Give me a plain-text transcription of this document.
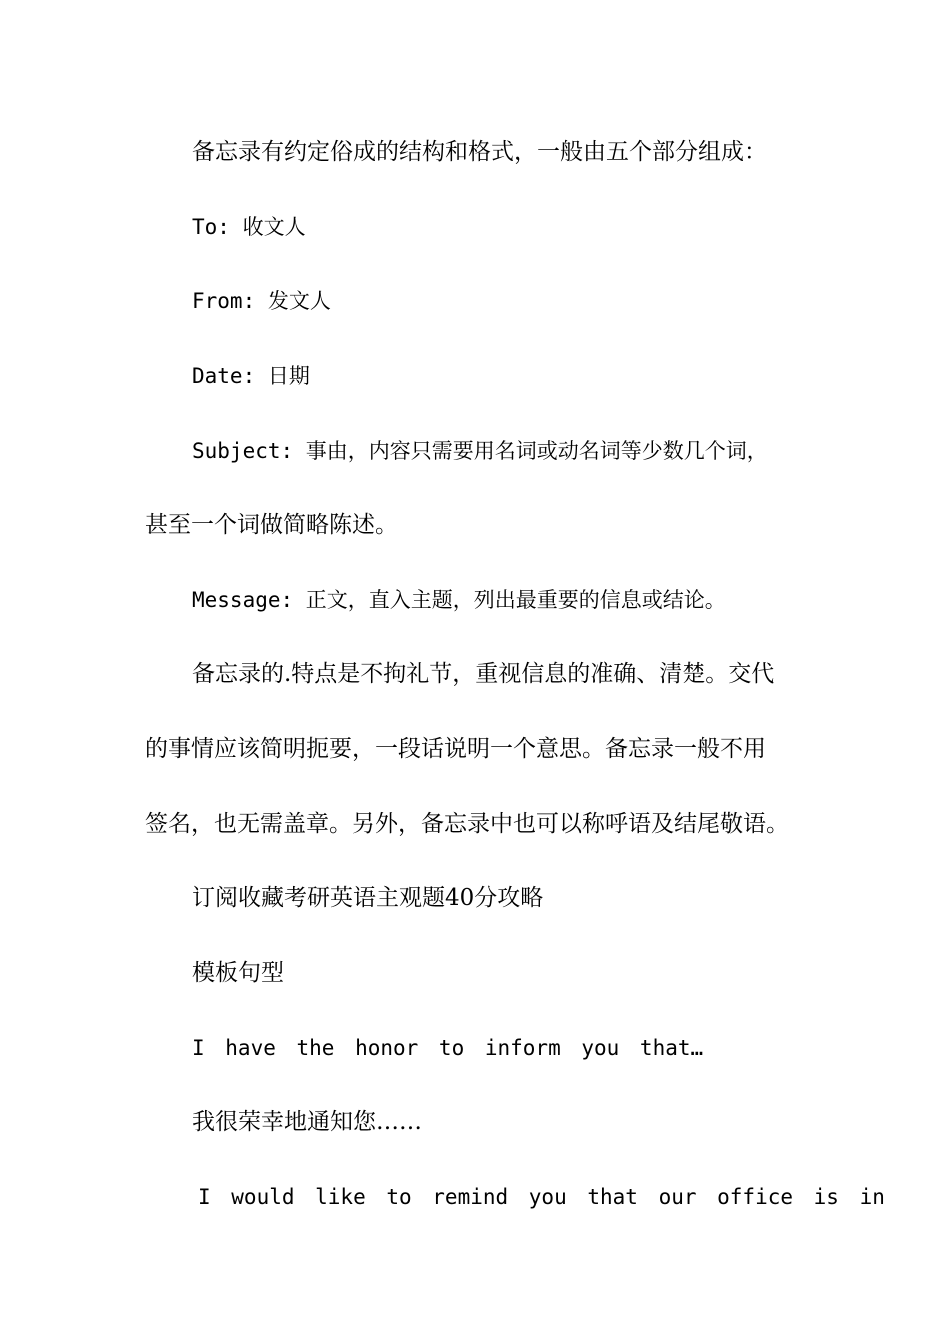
备忘录有约定俗成的结构和格式，一般由五个部分组成：
To: 收文人
From: 发文人
Date: 日期
Subject: 事由，内容只需要用名词或动名词等少数几个词，
甚至一个词做简略陈述。
Message: 正文，直入主题，列出最重要的信息或结论。
备忘录的.特点是不拘礼节，重视信息的准确、清楚。交代
的事情应该简明扼要，一段话说明一个意思。备忘录一般不用
签名，也无需盖章。另外，备忘录中也可以称呼语及结尾敬语。
订阅收藏考研英语主观题40分攻略
模板句型
I have the honor to inform you that…
我很荣幸地通知您……
I would like to remind you that our office is in
